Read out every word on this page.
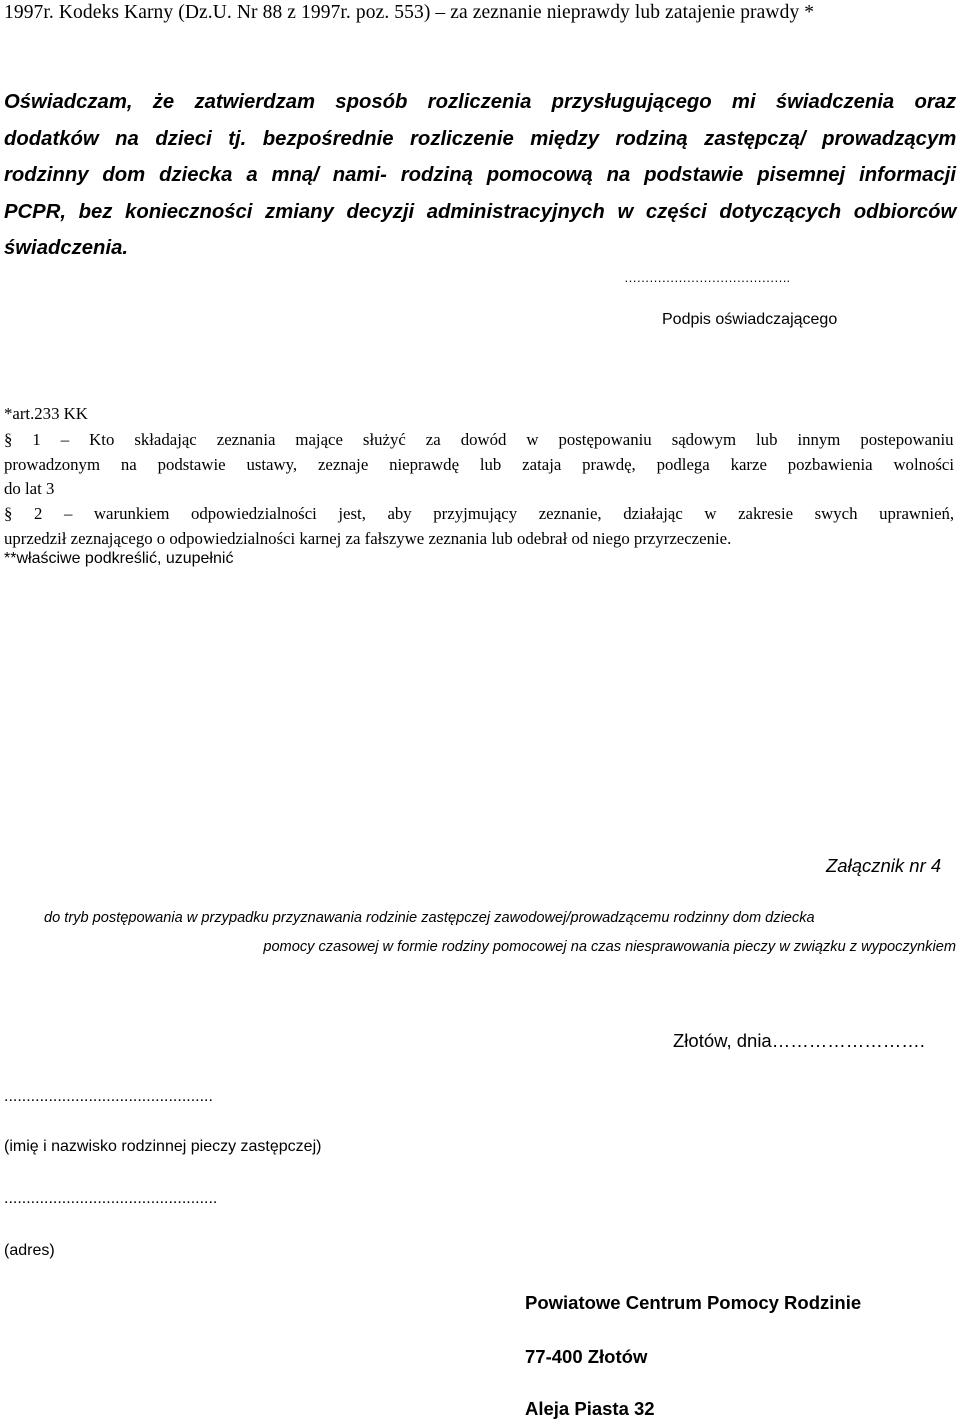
1997r. Kodeks Karny (Dz.U. Nr 88 z 1997r. poz. 553) – za zeznanie nieprawdy lub zatajenie prawdy *
Oświadczam, że zatwierdzam sposób rozliczenia przysługującego mi świadczenia oraz
dodatków na dzieci tj. bezpośrednie rozliczenie między rodziną zastępczą/ prowadzącym
rodzinny dom dziecka a mną/ nami- rodziną pomocową na podstawie pisemnej informacji
PCPR, bez konieczności zmiany decyzji administracyjnych w części dotyczących odbiorców
świadczenia.
………………………………….
Podpis oświadczającego
*art.233 KK
§ 1 – Kto składając zeznania mające służyć za dowód w postępowaniu sądowym lub innym postepowaniu
prowadzonym na podstawie ustawy, zeznaje nieprawdę lub zataja prawdę, podlega karze pozbawienia wolności
do lat 3
§ 2 – warunkiem odpowiedzialności jest, aby przyjmujący zeznanie, działając w zakresie swych uprawnień,
uprzedził zeznającego o odpowiedzialności karnej za fałszywe zeznania lub odebrał od niego przyrzeczenie.
**właściwe podkreślić, uzupełnić
Załącznik nr 4
do tryb postępowania w przypadku przyznawania rodzinie zastępczej zawodowej/prowadzącemu rodzinny dom dziecka
pomocy czasowej w formie rodziny pomocowej na czas niesprawowania pieczy w związku z wypoczynkiem
Złotów, dnia…………………….
...............................................
(imię i nazwisko rodzinnej pieczy zastępczej)
................................................
(adres)
Powiatowe Centrum Pomocy Rodzinie
77-400 Złotów
Aleja Piasta 32
